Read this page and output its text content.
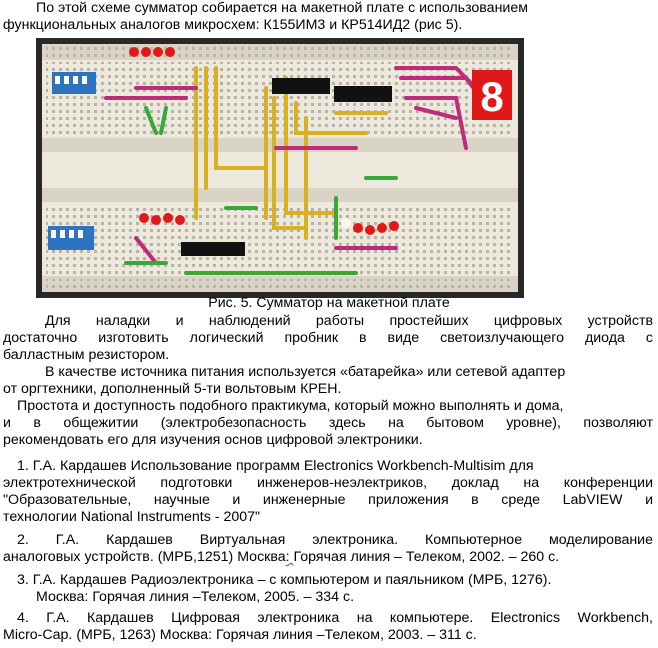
По этой схеме сумматор собирается на макетной плате с использованием
функциональных аналогов микросхем: К155ИМ3 и КР514ИД2 (рис 5).
8
Рис. 5. Сумматор на макетной плате
Для наладки и наблюдений работы простейших цифровых устройств
достаточно изготовить логический пробник в виде светоизлучающего диода с
балластным резистором.
В качестве источника питания используется «батарейка» или сетевой адаптер
от оргтехники, дополненный 5-ти вольтовым КРЕН.
Простота и доступность подобного практикума, который можно выполнять и дома,
и в общежитии (электробезопасность здесь на бытовом уровне), позволяют
рекомендовать его для изучения основ цифровой электроники.
1. Г.А. Кардашев Использование программ Electronics Workbench-Multisim для
электротехнической подготовки инженеров-неэлектриков, доклад на конференции
"Образовательные, научные и инженерные приложения в среде LabVIEW и
технологии National Instruments - 2007"
2. Г.А. Кардашев Виртуальная электроника. Компьютерное моделирование
аналоговых устройств. (МРБ,1251) Москва: Горячая линия – Телеком, 2002. – 260 с.
3. Г.А. Кардашев Радиоэлектроника – с компьютером и паяльником (МРБ, 1276).
Москва: Горячая линия –Телеком, 2005. – 334 с.
4. Г.А. Кардашев Цифровая электроника на компьютере. Electronics Workbench,
Micro-Cap. (МРБ, 1263) Москва: Горячая линия –Телеком, 2003. – 311 с.
